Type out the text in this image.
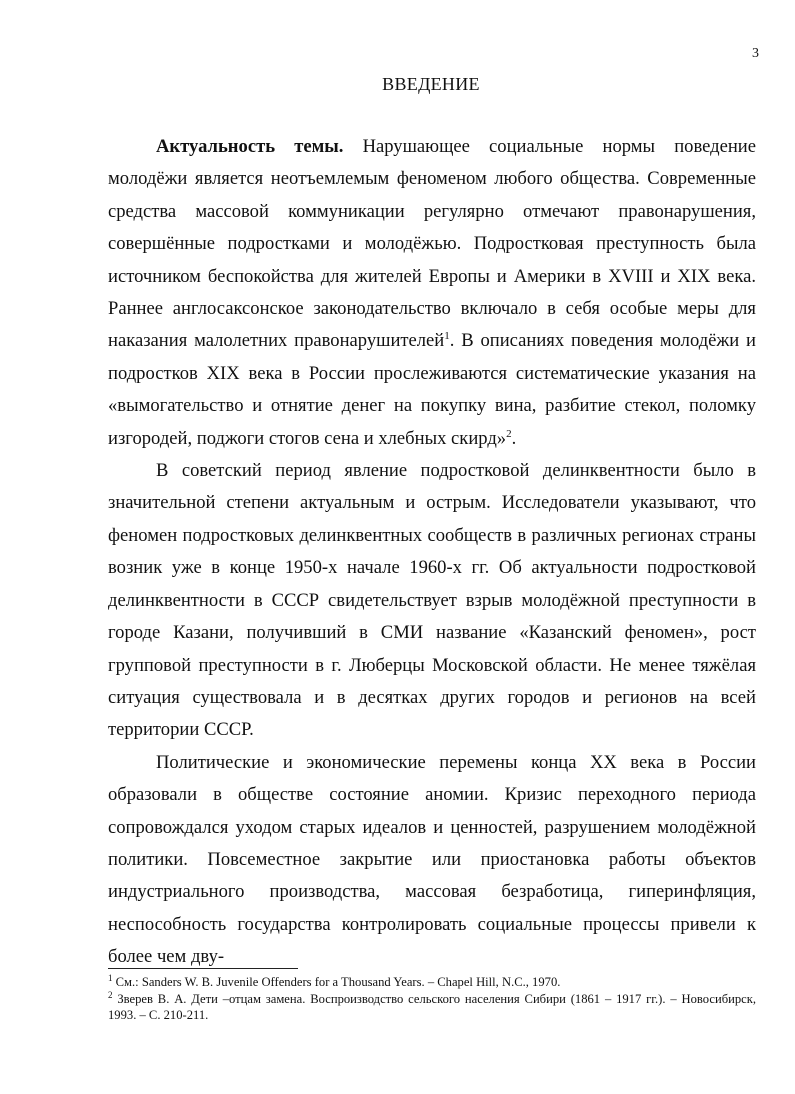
3
ВВЕДЕНИЕ

Актуальность темы. Нарушающее социальные нормы поведение молодёжи является неотъемлемым феноменом любого общества. Современные средства массовой коммуникации регулярно отмечают правонарушения, совершённые подростками и молодёжью. Подростковая преступность была источником беспокойства для жителей Европы и Америки в XVIII и XIX века. Раннее англосаксонское законодательство включало в себя особые меры для наказания малолетних правонарушителей$^1$. В описаниях поведения молодёжи и подростков XIX века в России прослеживаются систематические указания на «вымогательство и отнятие денег на покупку вина, разбитие стекол, поломку изгородей, поджоги стогов сена и хлебных скирд»$^2$.

В советский период явление подростковой делинквентности было в значительной степени актуальным и острым. Исследователи указывают, что феномен подростковых делинквентных сообществ в различных регионах страны возник уже в конце 1950-х начале 1960-х гг. Об актуальности подростковой делинквентности в СССР свидетельствует взрыв молодёжной преступности в городе Казани, получивший в СМИ название «Казанский феномен», рост групповой преступности в г. Люберцы Московской области. Не менее тяжёлая ситуация существовала и в десятках других городов и регионов на всей территории СССР.

Политические и экономические перемены конца XX века в России образовали в обществе состояние аномии. Кризис переходного периода сопровождался уходом старых идеалов и ценностей, разрушением молодёжной политики. Повсеместное закрытие или приостановка работы объектов индустриального производства, массовая безработица, гиперинфляция, неспособность государства контролировать социальные процессы привели к более чем дву-

$^1$ См.: Sanders W. B. Juvenile Offenders for a Thousand Years. – Chapel Hill, N.C., 1970.

$^2$ Зверев В. А. Дети –отцам замена. Воспроизводство сельского населения Сибири (1861 – 1917 гг.). – Новосибирск, 1993. – С. 210-211.
